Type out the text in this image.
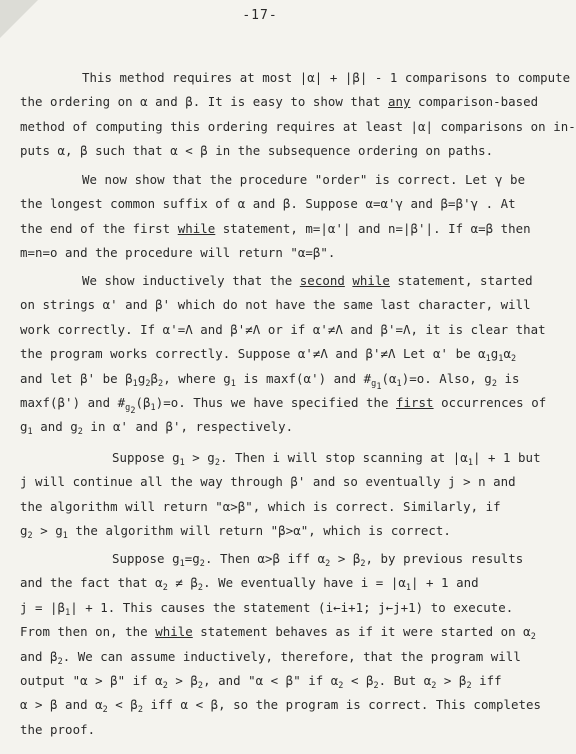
-17-
This method requires at most |α| + |β| - 1 comparisons to compute
the ordering on α and β. It is easy to show that any comparison-based
method of computing this ordering requires at least |α| comparisons on in-
puts α, β such that α < β in the subsequence ordering on paths.
We now show that the procedure "order" is correct. Let γ be
the longest common suffix of α and β. Suppose α=α'γ and β=β'γ . At
the end of the first while statement, m=|α'| and n=|β'|. If α=β then
m=n=o and the procedure will return "α=β".
We show inductively that the second while statement, started
on strings α' and β' which do not have the same last character, will
work correctly. If α'=Λ and β'≠Λ or if α'≠Λ and β'=Λ, it is clear that
the program works correctly. Suppose α'≠Λ and β'≠Λ Let α' be $\alpha_1g_1\alpha_2$
and let β' be $\beta_1g_2\beta_2$, where $g_1$ is maxf(α') and $\#_{g_1}(\alpha_1)=o$. Also, $g_2$ is
maxf(β') and $\#_{g_2}(\beta_1)=o$. Thus we have specified the first occurrences of
$g_1$ and $g_2$ in α' and β', respectively.
Suppose $g_1 > g_2$. Then i will stop scanning at $|\alpha_1| + 1$ but
j will continue all the way through β' and so eventually j > n and
the algorithm will return "α>β", which is correct. Similarly, if
$g_2 > g_1$ the algorithm will return "β>α", which is correct.
Suppose $g_1=g_2$. Then α>β iff $\alpha_2 > \beta_2$, by previous results
and the fact that $\alpha_2 \ne \beta_2$. We eventually have $i = |\alpha_1| + 1$ and
$j = |\beta_1| + 1$. This causes the statement (i←i+1; j←j+1) to execute.
From then on, the while statement behaves as if it were started on $\alpha_2$
and $\beta_2$. We can assume inductively, therefore, that the program will
output "α > β" if $\alpha_2 > \beta_2$, and "α < β" if $\alpha_2 < \beta_2$. But $\alpha_2 > \beta_2$ iff
α > β and $\alpha_2 < \beta_2$ iff α < β, so the program is correct. This completes
the proof.
